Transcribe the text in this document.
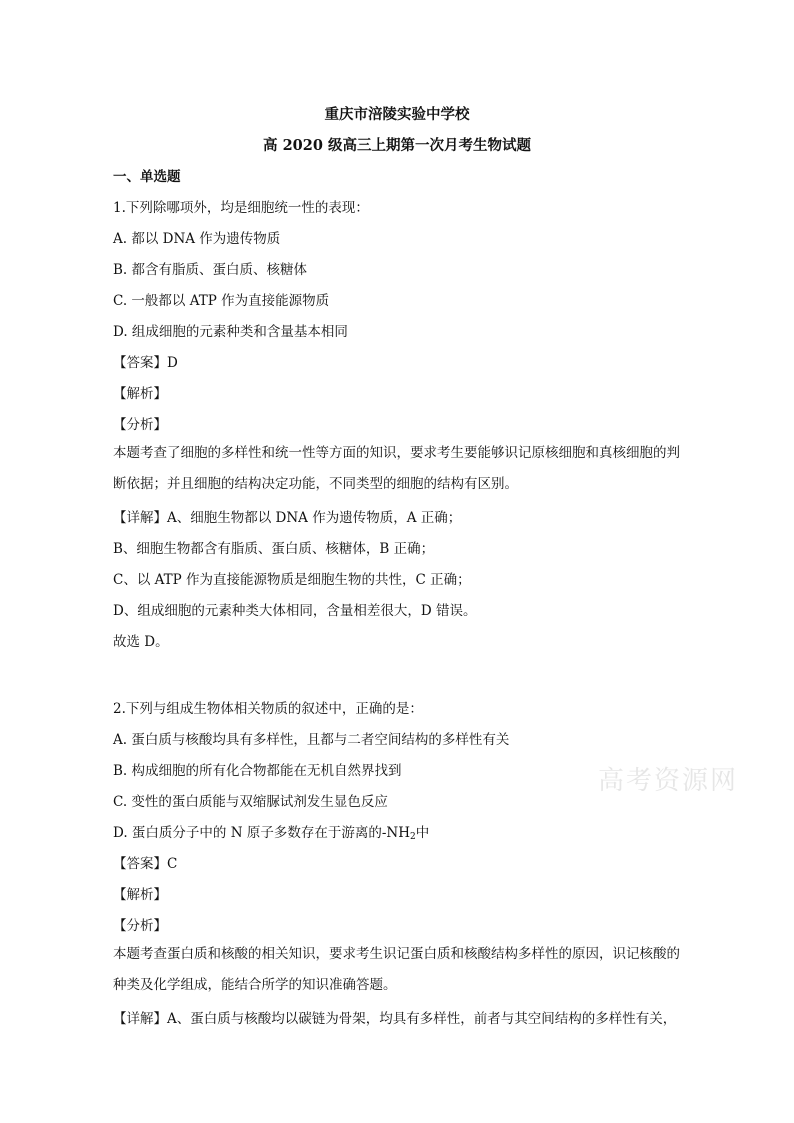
重庆市涪陵实验中学校
高 2020 级高三上期第一次月考生物试题
一、单选题
1.下列除哪项外，均是细胞统一性的表现：
A. 都以 DNA 作为遗传物质
B. 都含有脂质、蛋白质、核糖体
C. 一般都以 ATP 作为直接能源物质
D. 组成细胞的元素种类和含量基本相同
【答案】D
【解析】
【分析】
本题考查了细胞的多样性和统一性等方面的知识，要求考生要能够识记原核细胞和真核细胞的判断依据；并且细胞的结构决定功能，不同类型的细胞的结构有区别。
【详解】A、细胞生物都以 DNA 作为遗传物质，A 正确；
B、细胞生物都含有脂质、蛋白质、核糖体，B 正确；
C、以 ATP 作为直接能源物质是细胞生物的共性，C 正确；
D、组成细胞的元素种类大体相同，含量相差很大，D 错误。
故选 D。
2.下列与组成生物体相关物质的叙述中，正确的是：
A. 蛋白质与核酸均具有多样性，且都与二者空间结构的多样性有关
B. 构成细胞的所有化合物都能在无机自然界找到
C. 变性的蛋白质能与双缩脲试剂发生显色反应
D. 蛋白质分子中的 N 原子多数存在于游离的$-NH_2$中
【答案】C
【解析】
【分析】
本题考查蛋白质和核酸的相关知识，要求考生识记蛋白质和核酸结构多样性的原因，识记核酸的种类及化学组成，能结合所学的知识准确答题。
【详解】A、蛋白质与核酸均以碳链为骨架，均具有多样性，前者与其空间结构的多样性有关，
高考资源网
